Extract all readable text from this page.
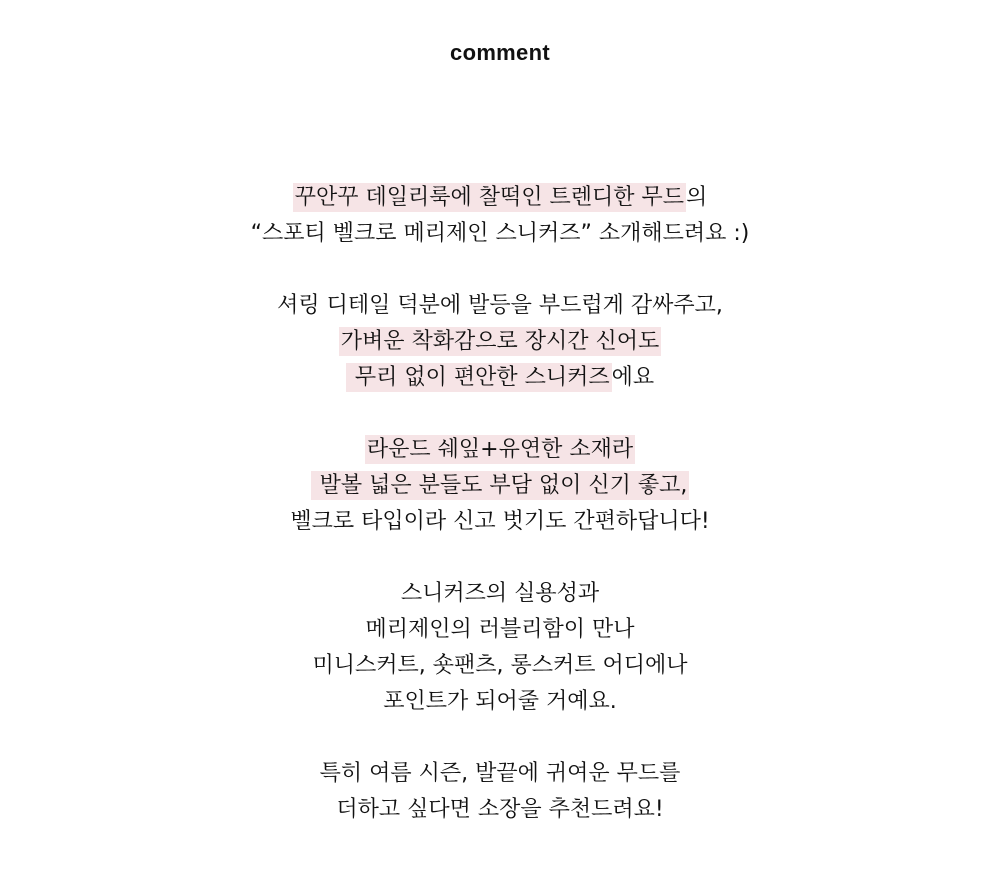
comment
꾸안꾸 데일리룩에 찰떡인 트렌디한 무드의
“스포티 벨크로 메리제인 스니커즈” 소개해드려요 :)
셔링 디테일 덕분에 발등을 부드럽게 감싸주고,
가벼운 착화감으로 장시간 신어도
무리 없이 편안한 스니커즈에요
라운드 쉐잎+유연한 소재라
발볼 넓은 분들도 부담 없이 신기 좋고,
벨크로 타입이라 신고 벗기도 간편하답니다!
스니커즈의 실용성과
메리제인의 러블리함이 만나
미니스커트, 숏팬츠, 롱스커트 어디에나
포인트가 되어줄 거예요.
특히 여름 시즌, 발끝에 귀여운 무드를
더하고 싶다면 소장을 추천드려요!
